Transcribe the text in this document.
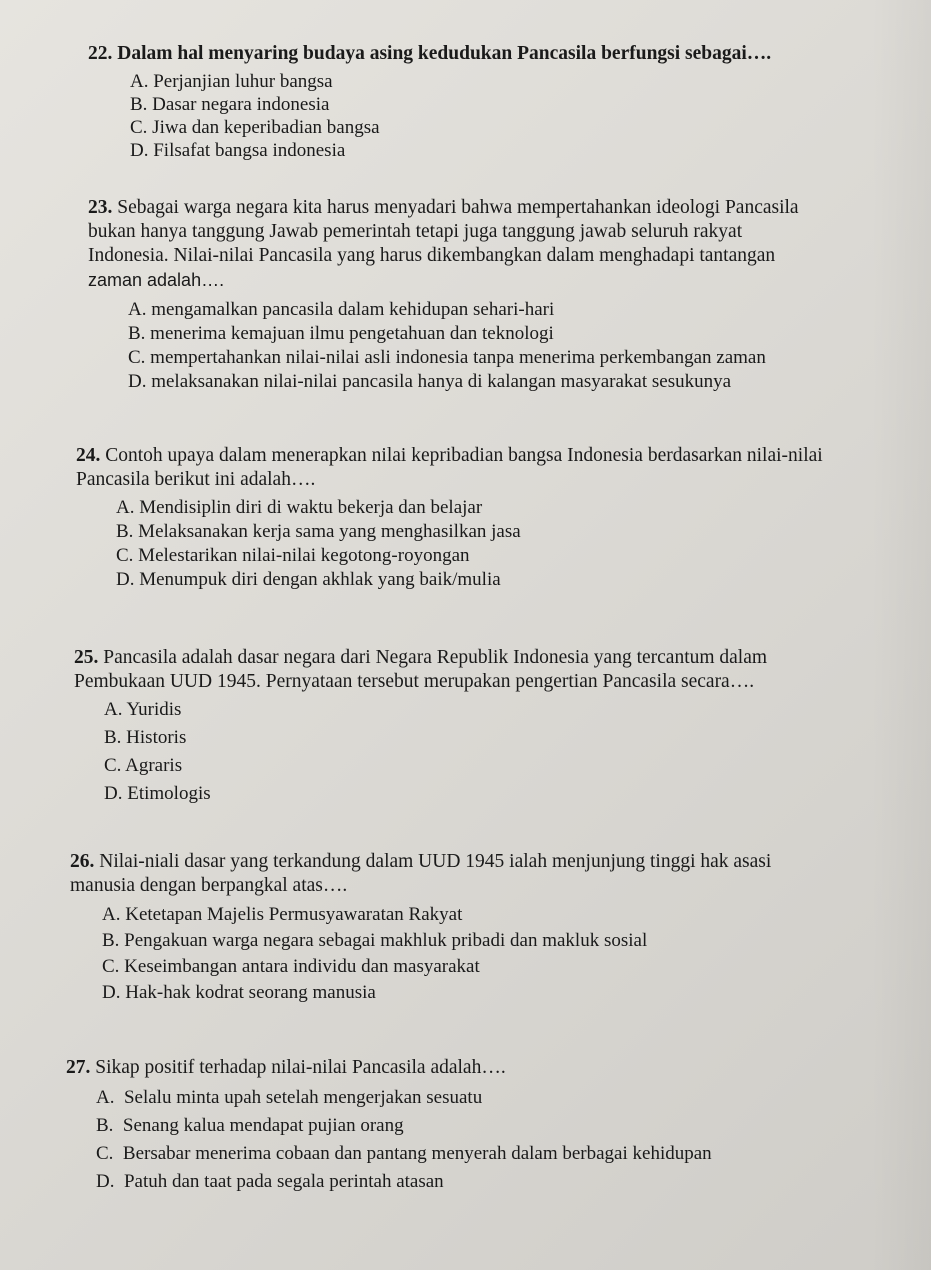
22. Dalam hal menyaring budaya asing kedudukan Pancasila berfungsi sebagai….
A. Perjanjian luhur bangsa
B. Dasar negara indonesia
C. Jiwa dan keperibadian bangsa
D. Filsafat bangsa indonesia
23. Sebagai warga negara kita harus menyadari bahwa mempertahankan ideologi Pancasila
bukan hanya tanggung Jawab pemerintah tetapi juga tanggung jawab seluruh rakyat
Indonesia. Nilai-nilai Pancasila yang harus dikembangkan dalam menghadapi tantangan
zaman adalah….
A. mengamalkan pancasila dalam kehidupan sehari-hari
B. menerima kemajuan ilmu pengetahuan dan teknologi
C. mempertahankan nilai-nilai asli indonesia tanpa menerima perkembangan zaman
D. melaksanakan nilai-nilai pancasila hanya di kalangan masyarakat sesukunya
24. Contoh upaya dalam menerapkan nilai kepribadian bangsa Indonesia berdasarkan nilai-nilai
Pancasila berikut ini adalah….
A. Mendisiplin diri di waktu bekerja dan belajar
B. Melaksanakan kerja sama yang menghasilkan jasa
C. Melestarikan nilai-nilai kegotong-royongan
D. Menumpuk diri dengan akhlak yang baik/mulia
25. Pancasila adalah dasar negara dari Negara Republik Indonesia yang tercantum dalam
Pembukaan UUD 1945. Pernyataan tersebut merupakan pengertian Pancasila secara….
A. Yuridis
B. Historis
C. Agraris
D. Etimologis
26. Nilai-niali dasar yang terkandung dalam UUD 1945 ialah menjunjung tinggi hak asasi
manusia dengan berpangkal atas….
A. Ketetapan Majelis Permusyawaratan Rakyat
B. Pengakuan warga negara sebagai makhluk pribadi dan makluk sosial
C. Keseimbangan antara individu dan masyarakat
D. Hak-hak kodrat seorang manusia
27. Sikap positif terhadap nilai-nilai Pancasila adalah….
A.  Selalu minta upah setelah mengerjakan sesuatu
B.  Senang kalua mendapat pujian orang
C.  Bersabar menerima cobaan dan pantang menyerah dalam berbagai kehidupan
D.  Patuh dan taat pada segala perintah atasan
